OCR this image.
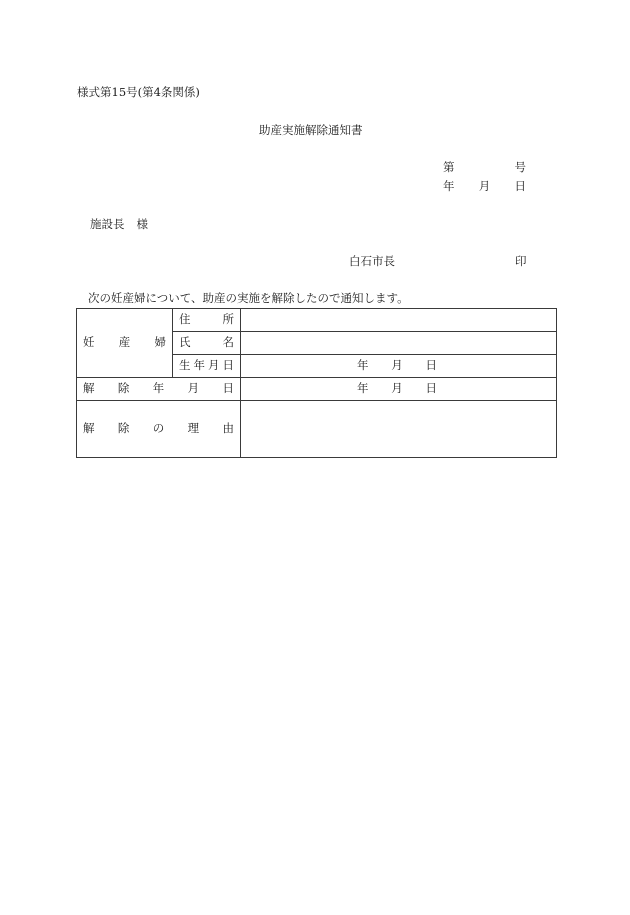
様式第15号(第4条関係)
助産実施解除通知書
第	号
年 月 日
施設長 様
白石市長	印
次の妊産婦について、助産の実施を解除したので通知します。
妊 産 婦	住 所	

	氏 名	

	生 年 月 日	年 月 日

解 除 年 月 日		年 月 日

解 除 の 理 由		
